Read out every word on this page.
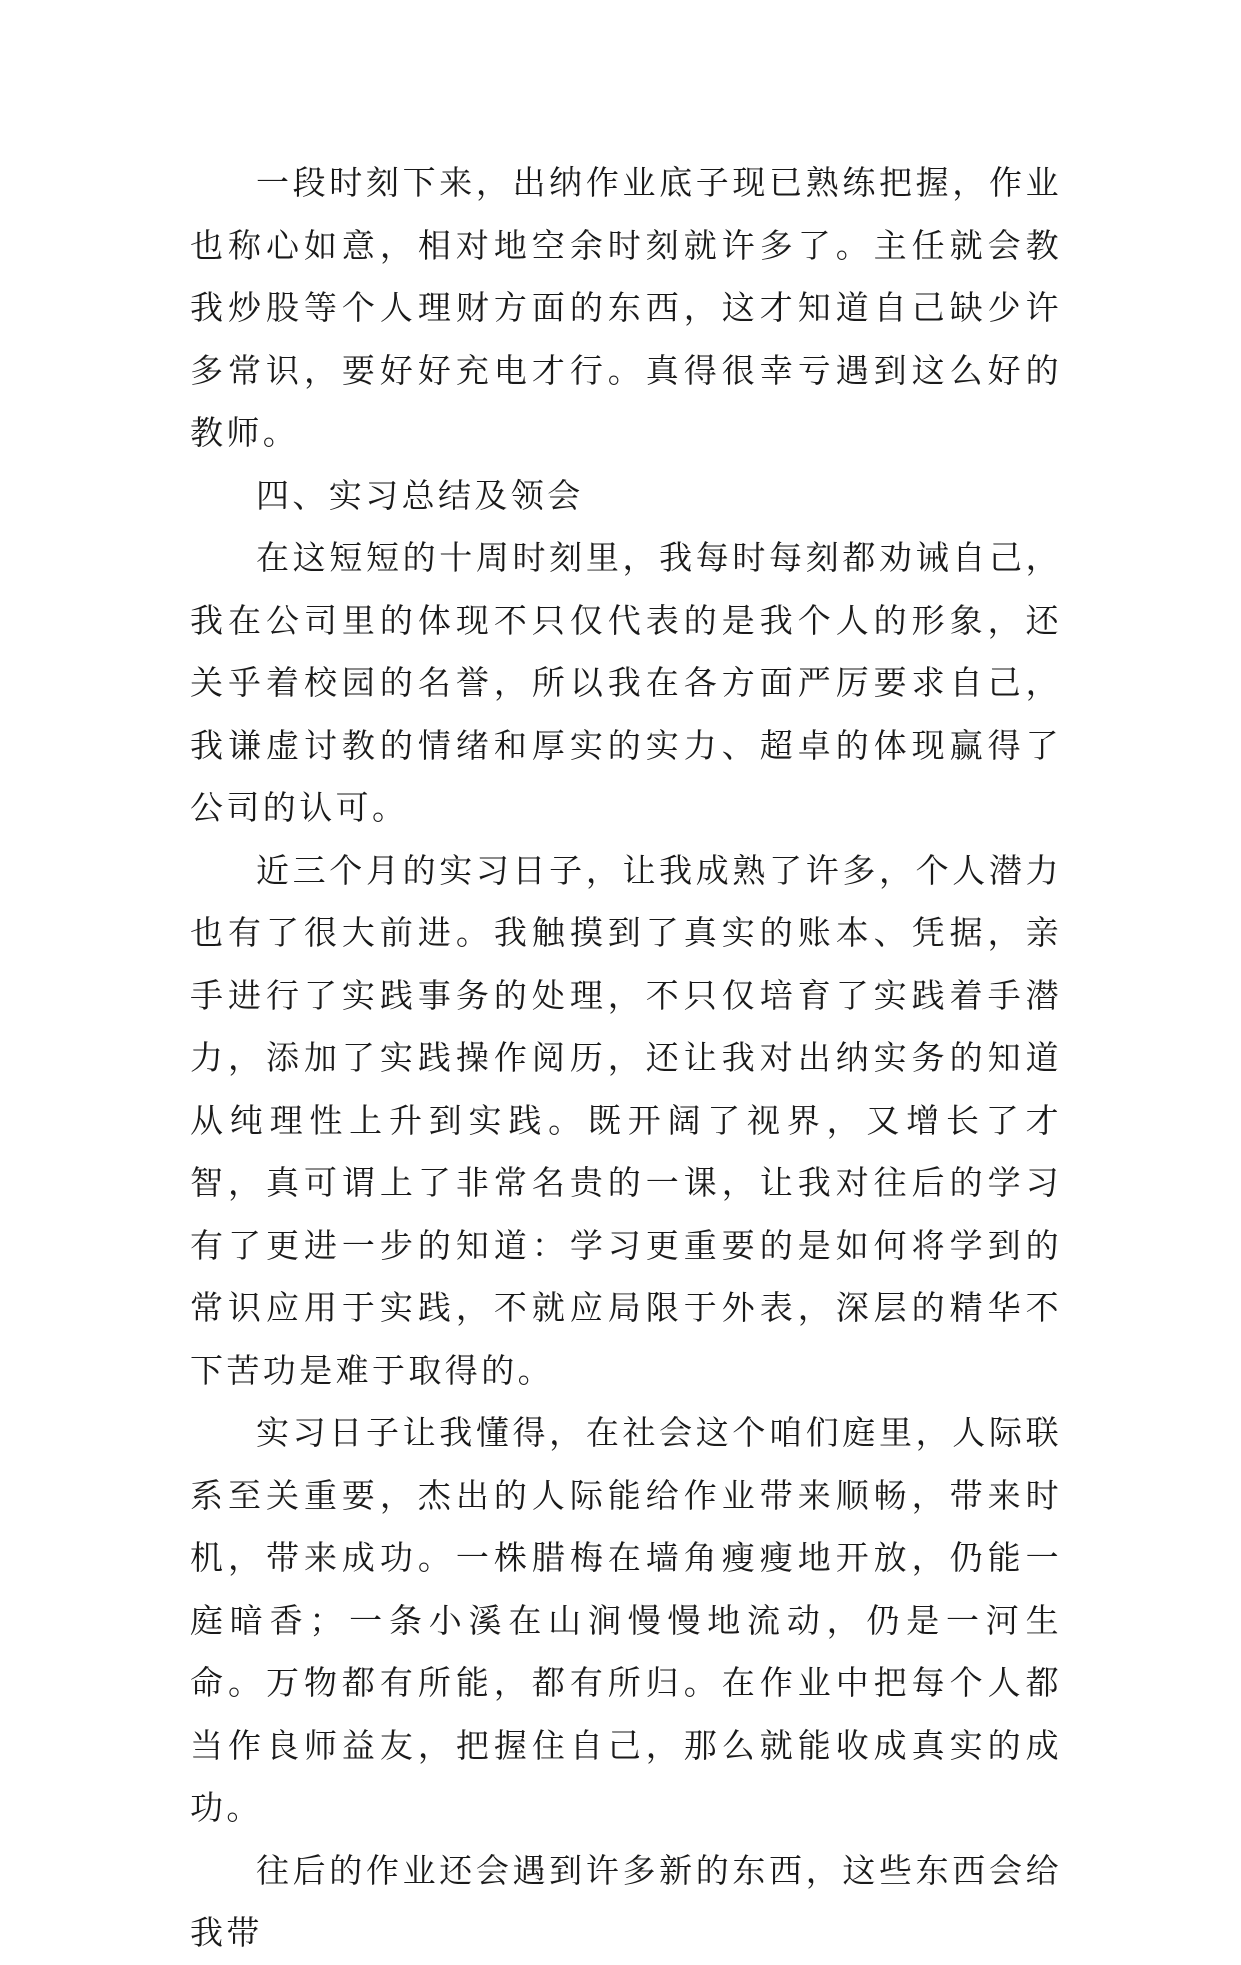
一段时刻下来，出纳作业底子现已熟练把握，作业也称心如意，相对地空余时刻就许多了。主任就会教我炒股等个人理财方面的东西，这才知道自己缺少许多常识，要好好充电才行。真得很幸亏遇到这么好的教师。

四、实习总结及领会

在这短短的十周时刻里，我每时每刻都劝诫自己，我在公司里的体现不只仅代表的是我个人的形象，还关乎着校园的名誉，所以我在各方面严厉要求自己，我谦虚讨教的情绪和厚实的实力、超卓的体现赢得了公司的认可。

近三个月的实习日子，让我成熟了许多，个人潜力也有了很大前进。我触摸到了真实的账本、凭据，亲手进行了实践事务的处理，不只仅培育了实践着手潜力，添加了实践操作阅历，还让我对出纳实务的知道从纯理性上升到实践。既开阔了视界，又增长了才智，真可谓上了非常名贵的一课，让我对往后的学习有了更进一步的知道：学习更重要的是如何将学到的常识应用于实践，不就应局限于外表，深层的精华不下苦功是难于取得的。

实习日子让我懂得，在社会这个咱们庭里，人际联系至关重要，杰出的人际能给作业带来顺畅，带来时机，带来成功。一株腊梅在墙角瘦瘦地开放，仍能一庭暗香；一条小溪在山涧慢慢地流动，仍是一河生命。万物都有所能，都有所归。在作业中把每个人都当作良师益友，把握住自己，那么就能收成真实的成功。

往后的作业还会遇到许多新的东西，这些东西会给我带
